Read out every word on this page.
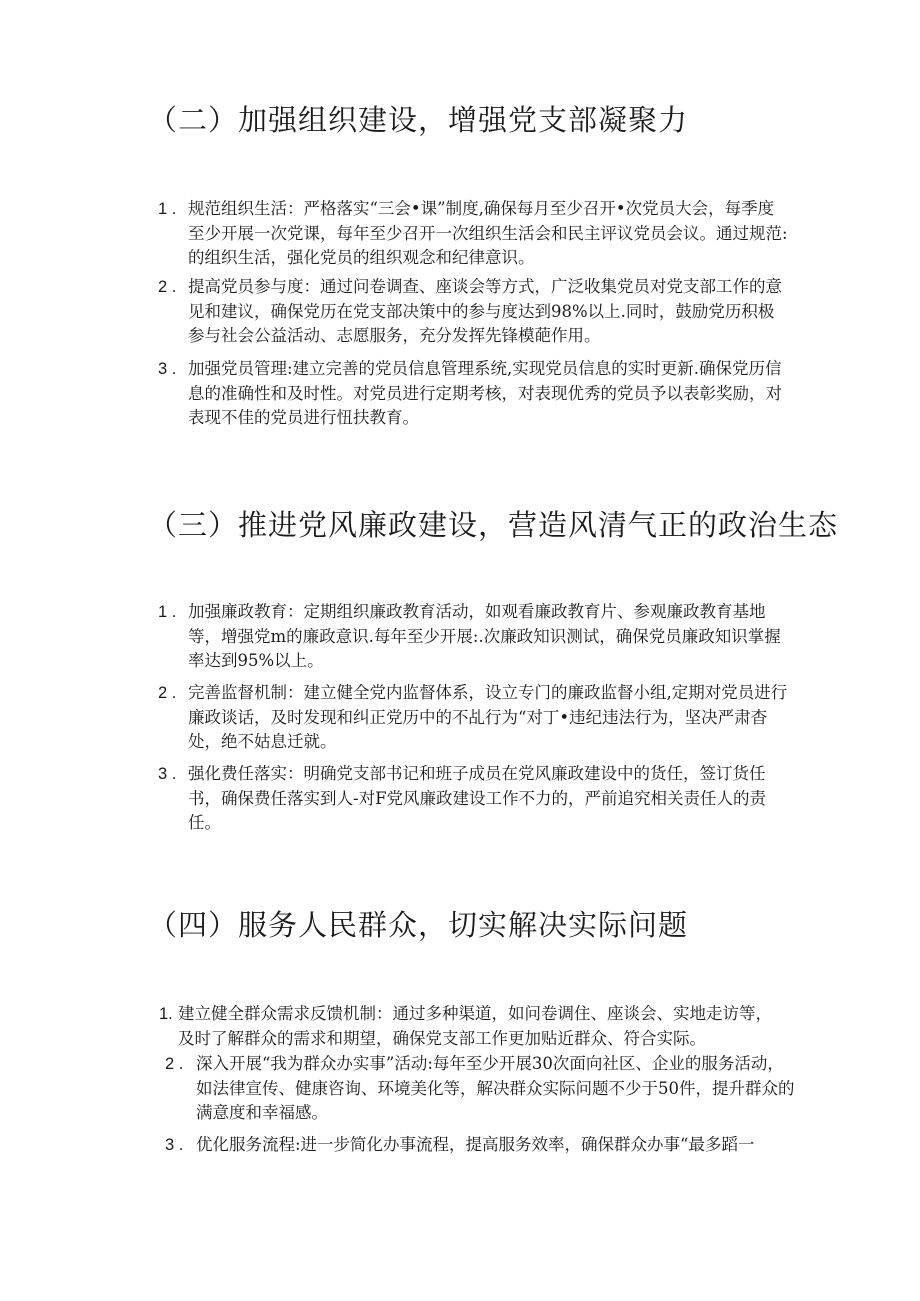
（二）加强组织建设，增强党支部凝聚力

1 . 规范组织生活：严格落实“三会•课”制度,确保每月至少召开•次党员大会，每季度至少开展一次党课，每年至少召开一次组织生活会和民主评议党员会议。通过规范:的组织生活，强化党员的组织观念和纪律意识。

2 . 提高党员参与度：通过问卷调查、座谈会等方式，广泛收集党员对党支部工作的意见和建议，确保党历在党支部决策中的参与度达到98%以上.同时，鼓励党历积极参与社会公益活动、志愿服务，充分发挥先锋模葩作用。

3 . 加强党员管理:建立完善的党员信息管理系统,实现党员信息的实时更新.确保党历信息的准确性和及时性。对党员进行定期考核，对表现优秀的党员予以表彰奖励，对表现不佳的党员进行忸扶教育。

（三）推进党风廉政建设，营造风清气正的政治生态

1 . 加强廉政教育：定期组织廉政教育活动，如观看廉政教育片、参观廉政教育基地等，增强党m的廉政意识.每年至少开展:.次廉政知识测试，确保党员廉政知识掌握率达到95%以上。

2 . 完善监督机制：建立健全党内监督体系，设立专门的廉政监督小组,定期对党员进行廉政谈话，及时发现和纠正党历中的不乩行为“对丁•违纪违法行为，坚决严肃杳处，绝不姑息迁就。

3 . 强化费任落实：明确党支部书记和班子成员在党风廉政建设中的货任，签订货任书，确保费任落实到人-对F党风廉政建设工作不力的，严前追究相关责任人的责任。

（四）服务人民群众，切实解决实际问题

1. 建立健全群众需求反馈机制：通过多种渠道，如问卷调住、座谈会、实地走访等，及时了解群众的需求和期望，确保党支部工作更加贴近群众、符合实际。

2 . 深入开展“我为群众办实事”活动:每年至少开展30次面向社区、企业的服务活动，如法律宣传、健康咨询、环境美化等，解决群众实际问题不少于50件，提升群众的满意度和幸福感。

3 . 优化服务流程:进一步简化办事流程，提高服务效率，确保群众办事“最多蹈一
